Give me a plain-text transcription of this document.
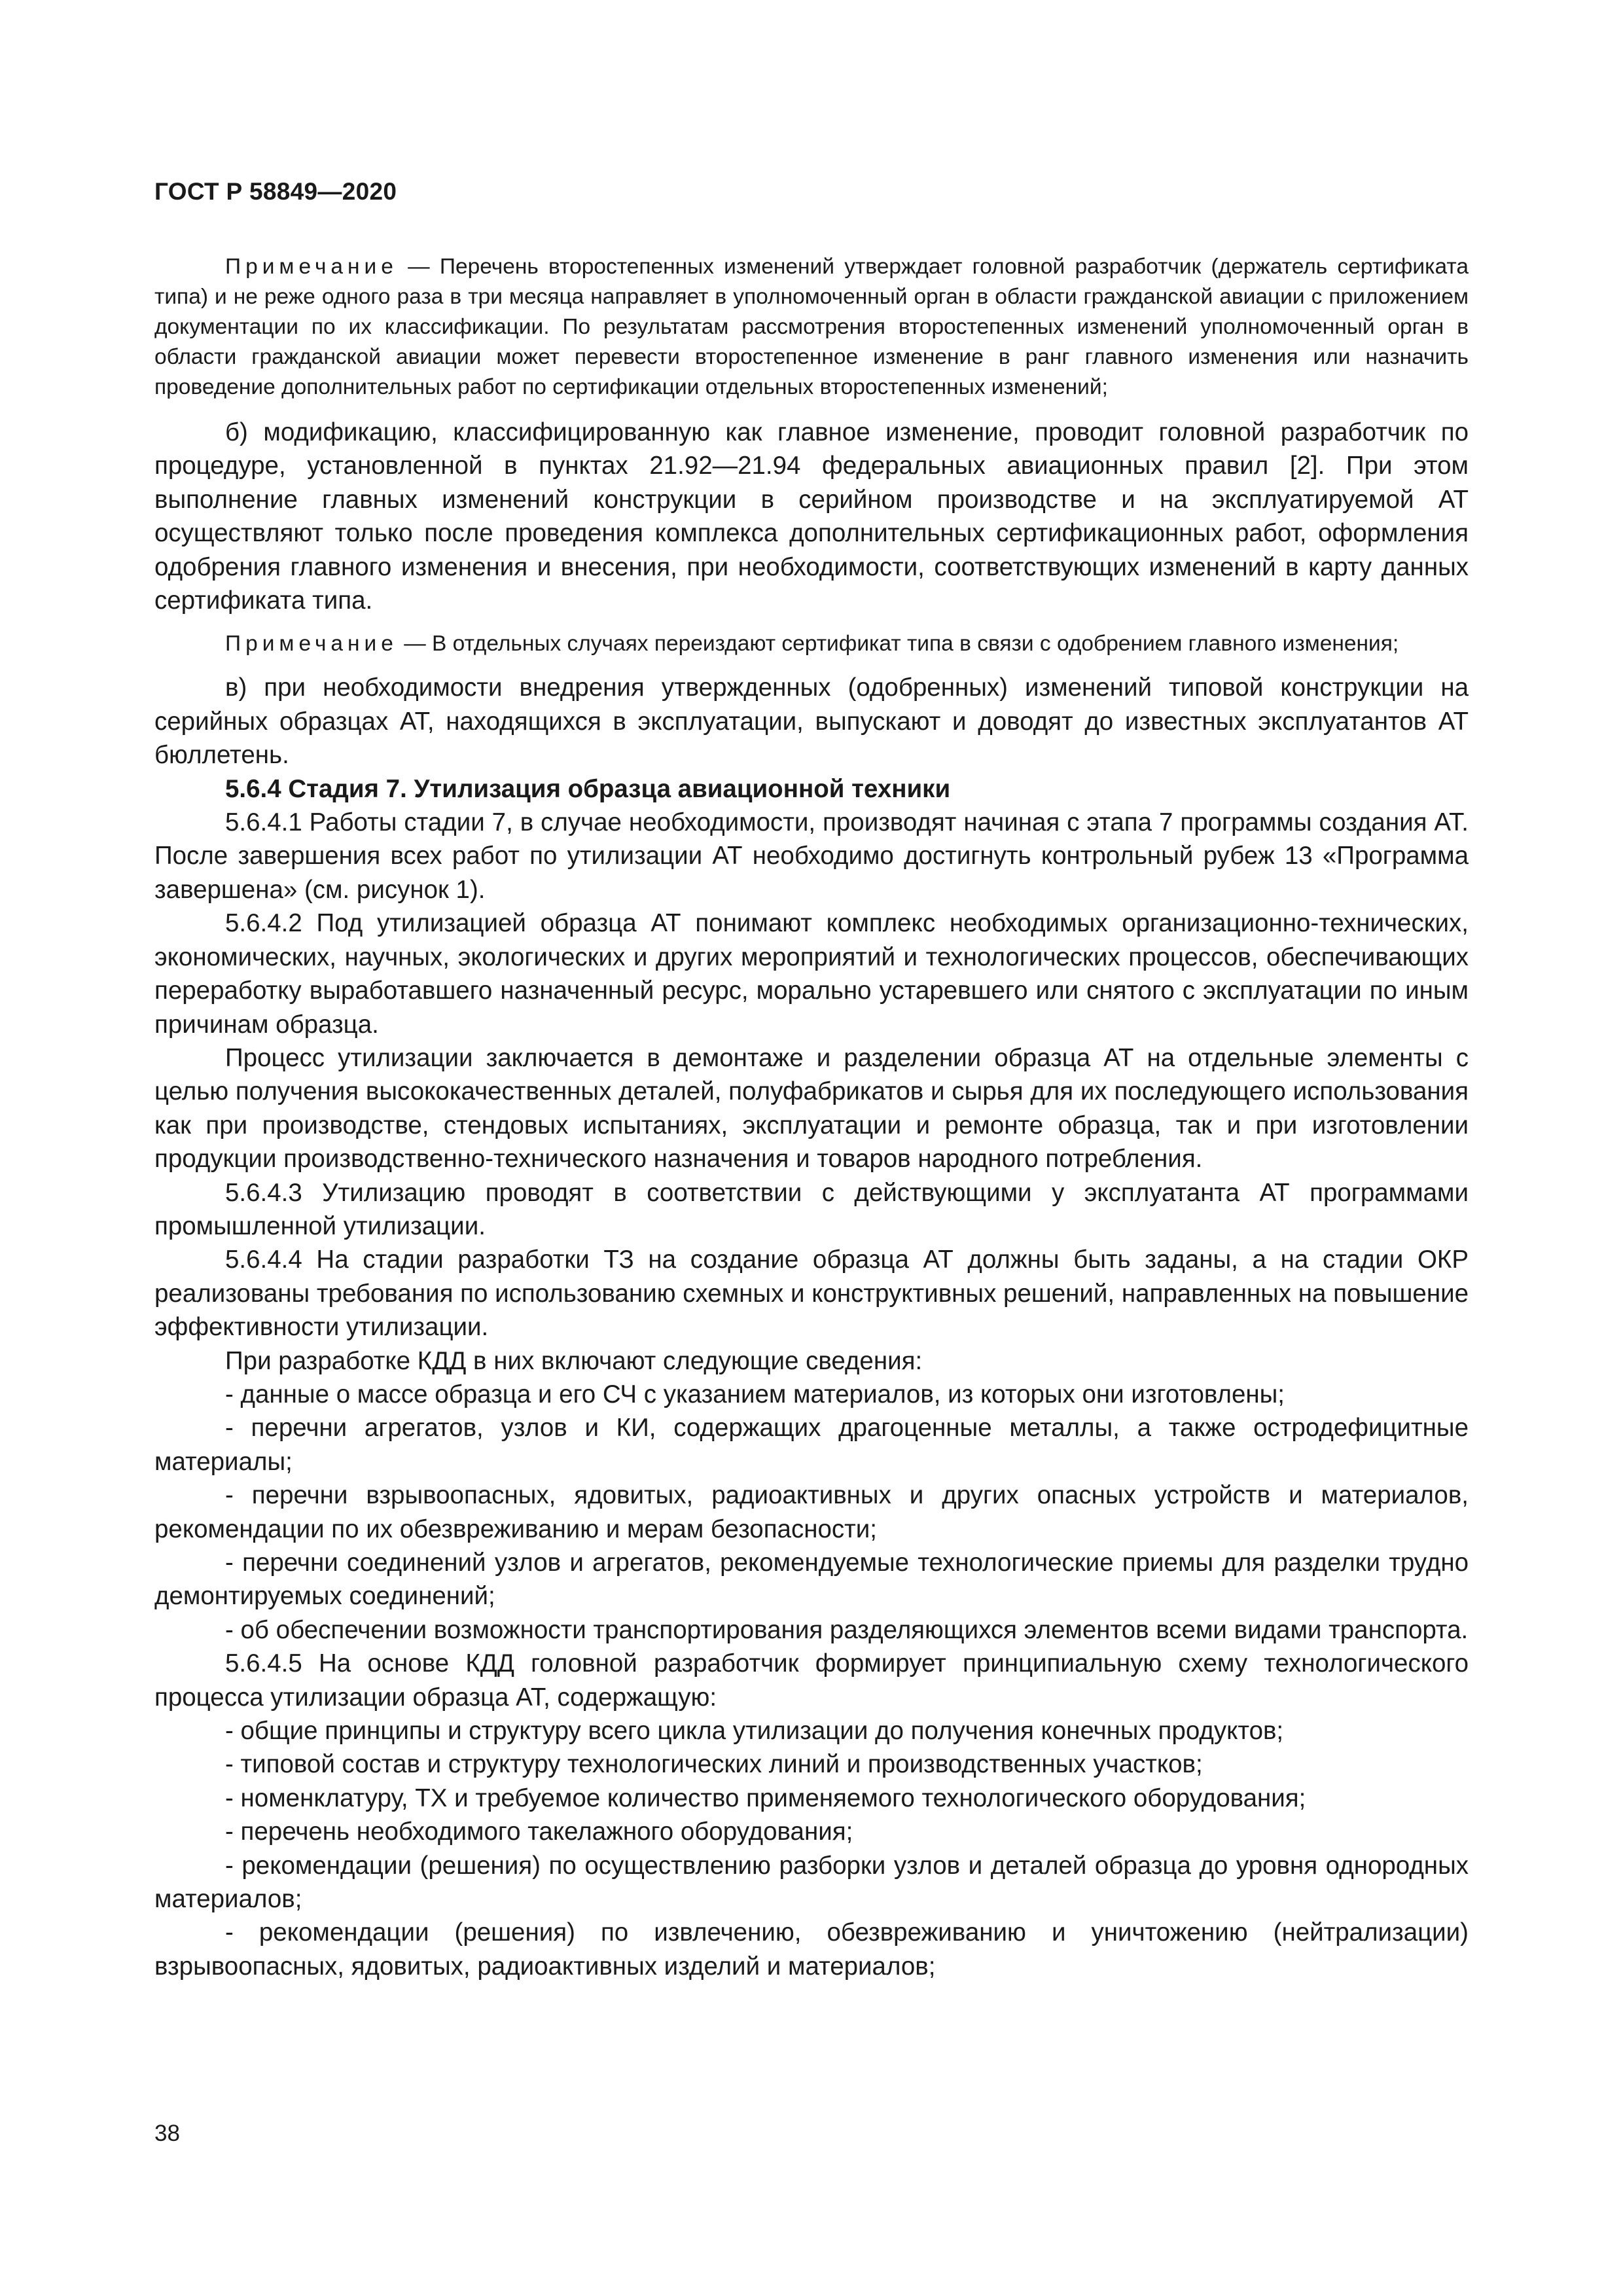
ГОСТ Р 58849—2020

Примечание — Перечень второстепенных изменений утверждает головной разработчик (держатель сертификата типа) и не реже одного раза в три месяца направляет в уполномоченный орган в области гражданской авиации с приложением документации по их классификации. По результатам рассмотрения второстепенных изменений уполномоченный орган в области гражданской авиации может перевести второстепенное изменение в ранг главного изменения или назначить проведение дополнительных работ по сертификации отдельных второстепенных изменений;

б) модификацию, классифицированную как главное изменение, проводит головной разработчик по процедуре, установленной в пунктах 21.92—21.94 федеральных авиационных правил [2]. При этом выполнение главных изменений конструкции в серийном производстве и на эксплуатируемой АТ осуществляют только после проведения комплекса дополнительных сертификационных работ, оформления одобрения главного изменения и внесения, при необходимости, соответствующих изменений в карту данных сертификата типа.

Примечание — В отдельных случаях переиздают сертификат типа в связи с одобрением главного изменения;

в) при необходимости внедрения утвержденных (одобренных) изменений типовой конструкции на серийных образцах АТ, находящихся в эксплуатации, выпускают и доводят до известных эксплуатантов АТ бюллетень.

5.6.4 Стадия 7. Утилизация образца авиационной техники

5.6.4.1 Работы стадии 7, в случае необходимости, производят начиная с этапа 7 программы создания АТ. После завершения всех работ по утилизации АТ необходимо достигнуть контрольный рубеж 13 «Программа завершена» (см. рисунок 1).

5.6.4.2 Под утилизацией образца АТ понимают комплекс необходимых организационно-технических, экономических, научных, экологических и других мероприятий и технологических процессов, обеспечивающих переработку выработавшего назначенный ресурс, морально устаревшего или снятого с эксплуатации по иным причинам образца.

Процесс утилизации заключается в демонтаже и разделении образца АТ на отдельные элементы с целью получения высококачественных деталей, полуфабрикатов и сырья для их последующего использования как при производстве, стендовых испытаниях, эксплуатации и ремонте образца, так и при изготовлении продукции производственно-технического назначения и товаров народного потребления.

5.6.4.3 Утилизацию проводят в соответствии с действующими у эксплуатанта АТ программами промышленной утилизации.

5.6.4.4 На стадии разработки ТЗ на создание образца АТ должны быть заданы, а на стадии ОКР реализованы требования по использованию схемных и конструктивных решений, направленных на повышение эффективности утилизации.

При разработке КДД в них включают следующие сведения:

- данные о массе образца и его СЧ с указанием материалов, из которых они изготовлены;

- перечни агрегатов, узлов и КИ, содержащих драгоценные металлы, а также остродефицитные материалы;

- перечни взрывоопасных, ядовитых, радиоактивных и других опасных устройств и материалов, рекомендации по их обезвреживанию и мерам безопасности;

- перечни соединений узлов и агрегатов, рекомендуемые технологические приемы для разделки трудно демонтируемых соединений;

- об обеспечении возможности транспортирования разделяющихся элементов всеми видами транспорта.

5.6.4.5 На основе КДД головной разработчик формирует принципиальную схему технологического процесса утилизации образца АТ, содержащую:

- общие принципы и структуру всего цикла утилизации до получения конечных продуктов;

- типовой состав и структуру технологических линий и производственных участков;

- номенклатуру, ТХ и требуемое количество применяемого технологического оборудования;

- перечень необходимого такелажного оборудования;

- рекомендации (решения) по осуществлению разборки узлов и деталей образца до уровня однородных материалов;

- рекомендации (решения) по извлечению, обезвреживанию и уничтожению (нейтрализации) взрывоопасных, ядовитых, радиоактивных изделий и материалов;

38
